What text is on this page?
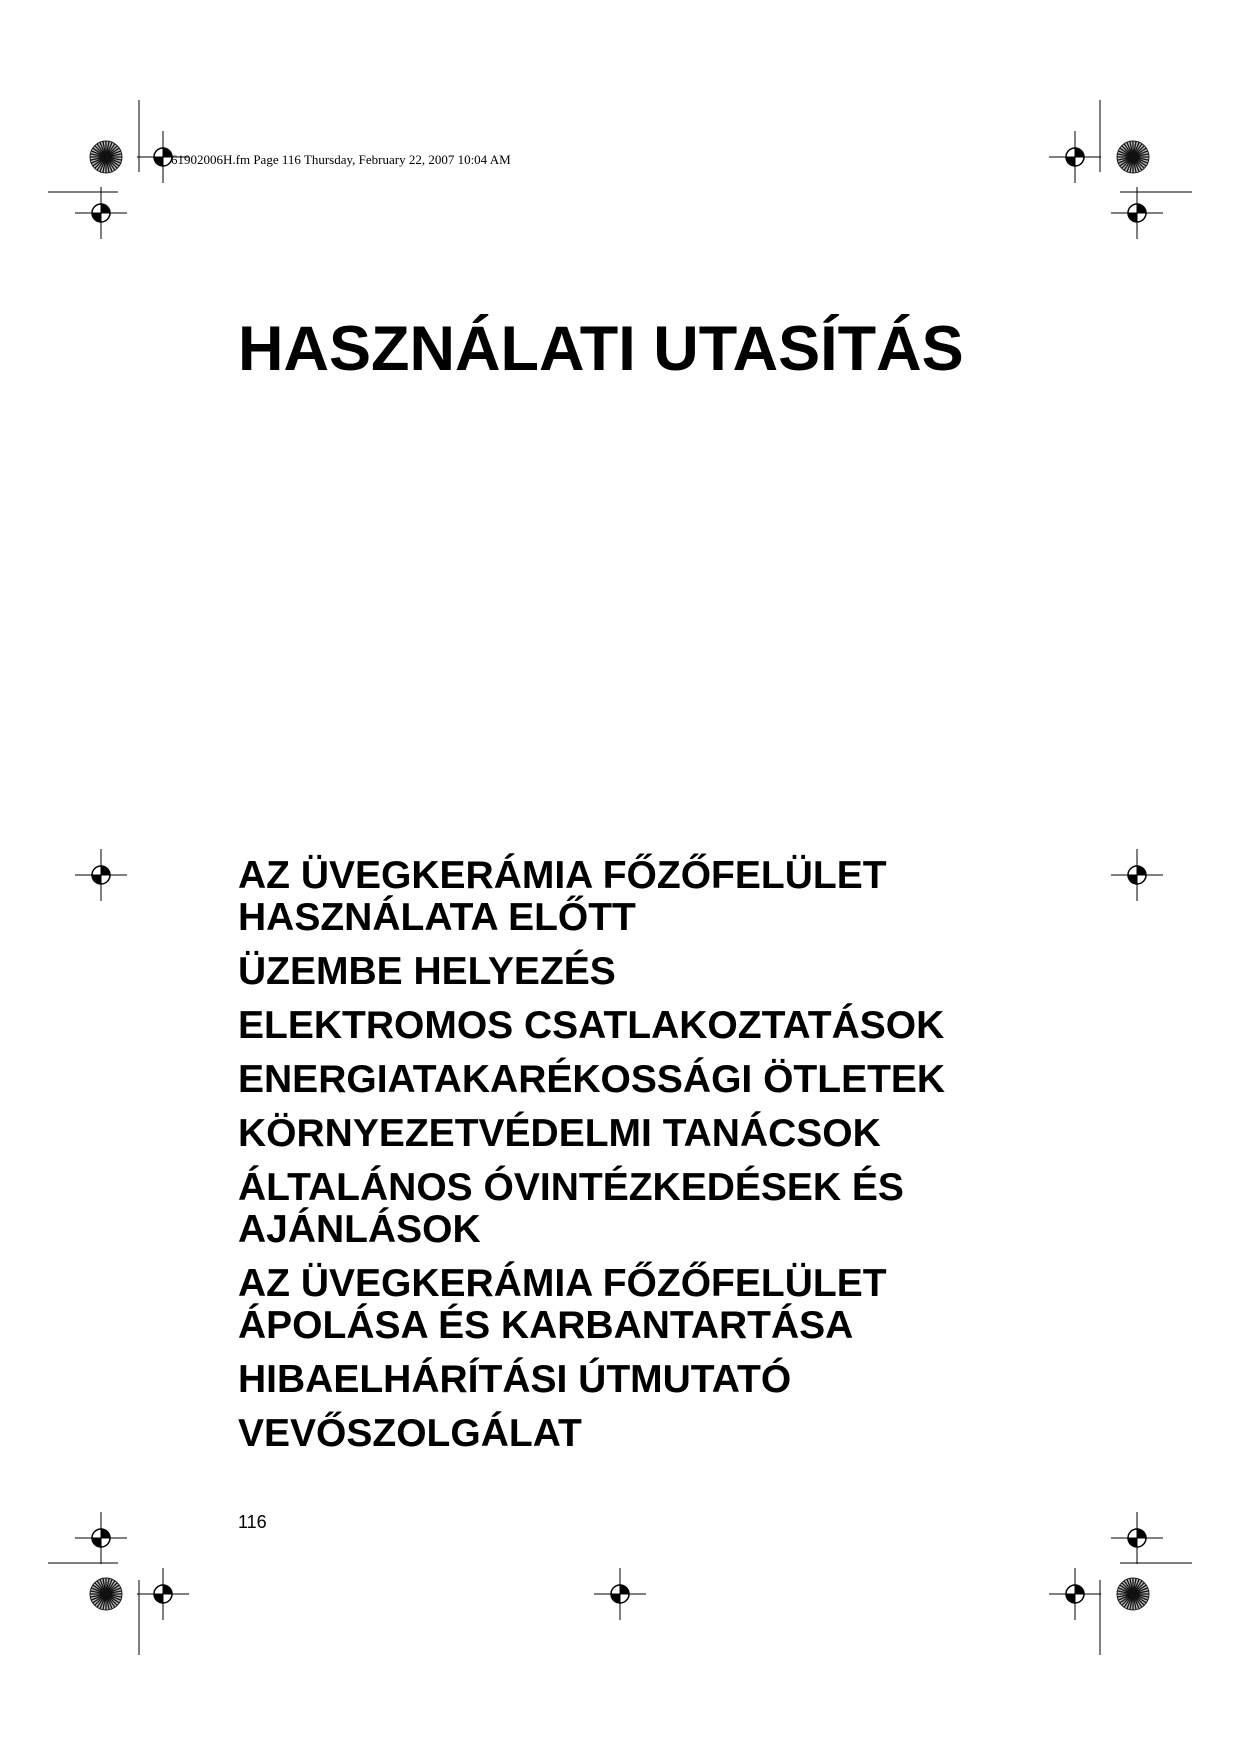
61902006H.fm Page 116 Thursday, February 22, 2007 10:04 AM
HASZNÁLATI UTASÍTÁS
AZ ÜVEGKERÁMIA FŐZŐFELÜLET
HASZNÁLATA ELŐTT
ÜZEMBE HELYEZÉS
ELEKTROMOS CSATLAKOZTATÁSOK
ENERGIATAKARÉKOSSÁGI ÖTLETEK
KÖRNYEZETVÉDELMI TANÁCSOK
ÁLTALÁNOS ÓVINTÉZKEDÉSEK ÉS
AJÁNLÁSOK
AZ ÜVEGKERÁMIA FŐZŐFELÜLET
ÁPOLÁSA ÉS KARBANTARTÁSA
HIBAELHÁRÍTÁSI ÚTMUTATÓ
VEVŐSZOLGÁLAT
116
